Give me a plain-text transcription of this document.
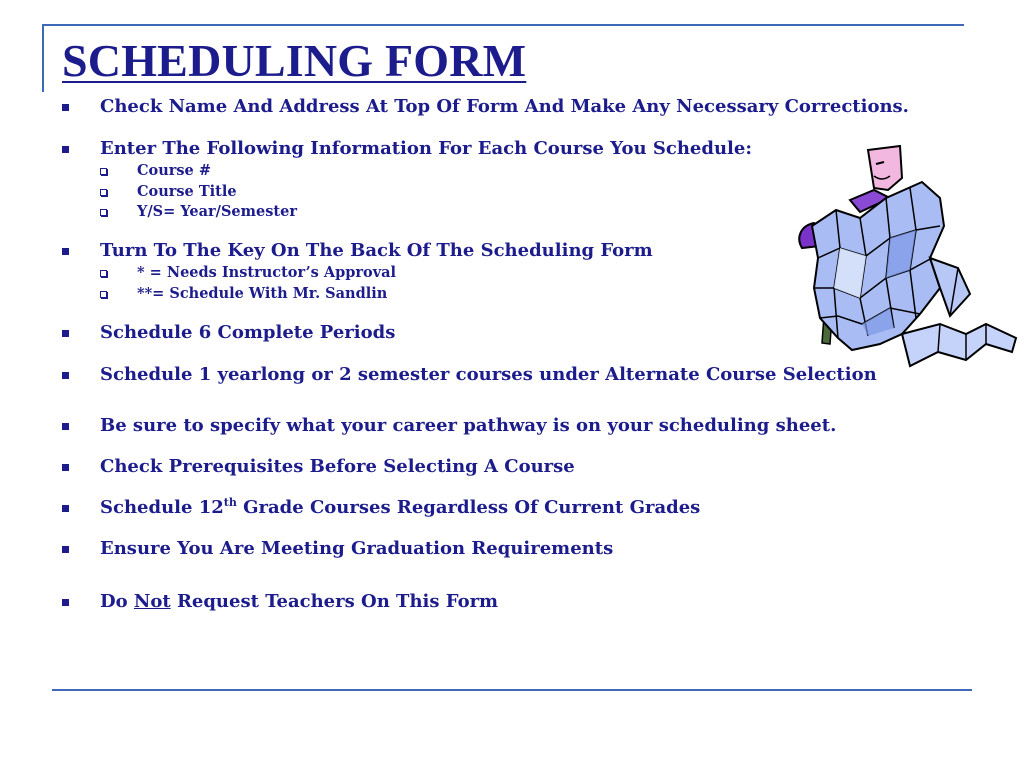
SCHEDULING FORM
Check Name And Address At Top Of Form And Make Any Necessary Corrections.
Enter The Following Information For Each Course You Schedule:
Course #
Course Title
Y/S= Year/Semester
Turn To The Key On The Back Of The Scheduling Form
* = Needs Instructor’s Approval
**= Schedule With Mr. Sandlin
Schedule 6 Complete Periods
Schedule 1 yearlong or 2 semester courses under Alternate Course Selection
Be sure to specify what your career pathway is on your scheduling sheet.
Check Prerequisites Before Selecting A Course
Schedule 12th Grade Courses Regardless Of Current Grades
Ensure You Are Meeting Graduation Requirements
Do Not Request Teachers On This Form
